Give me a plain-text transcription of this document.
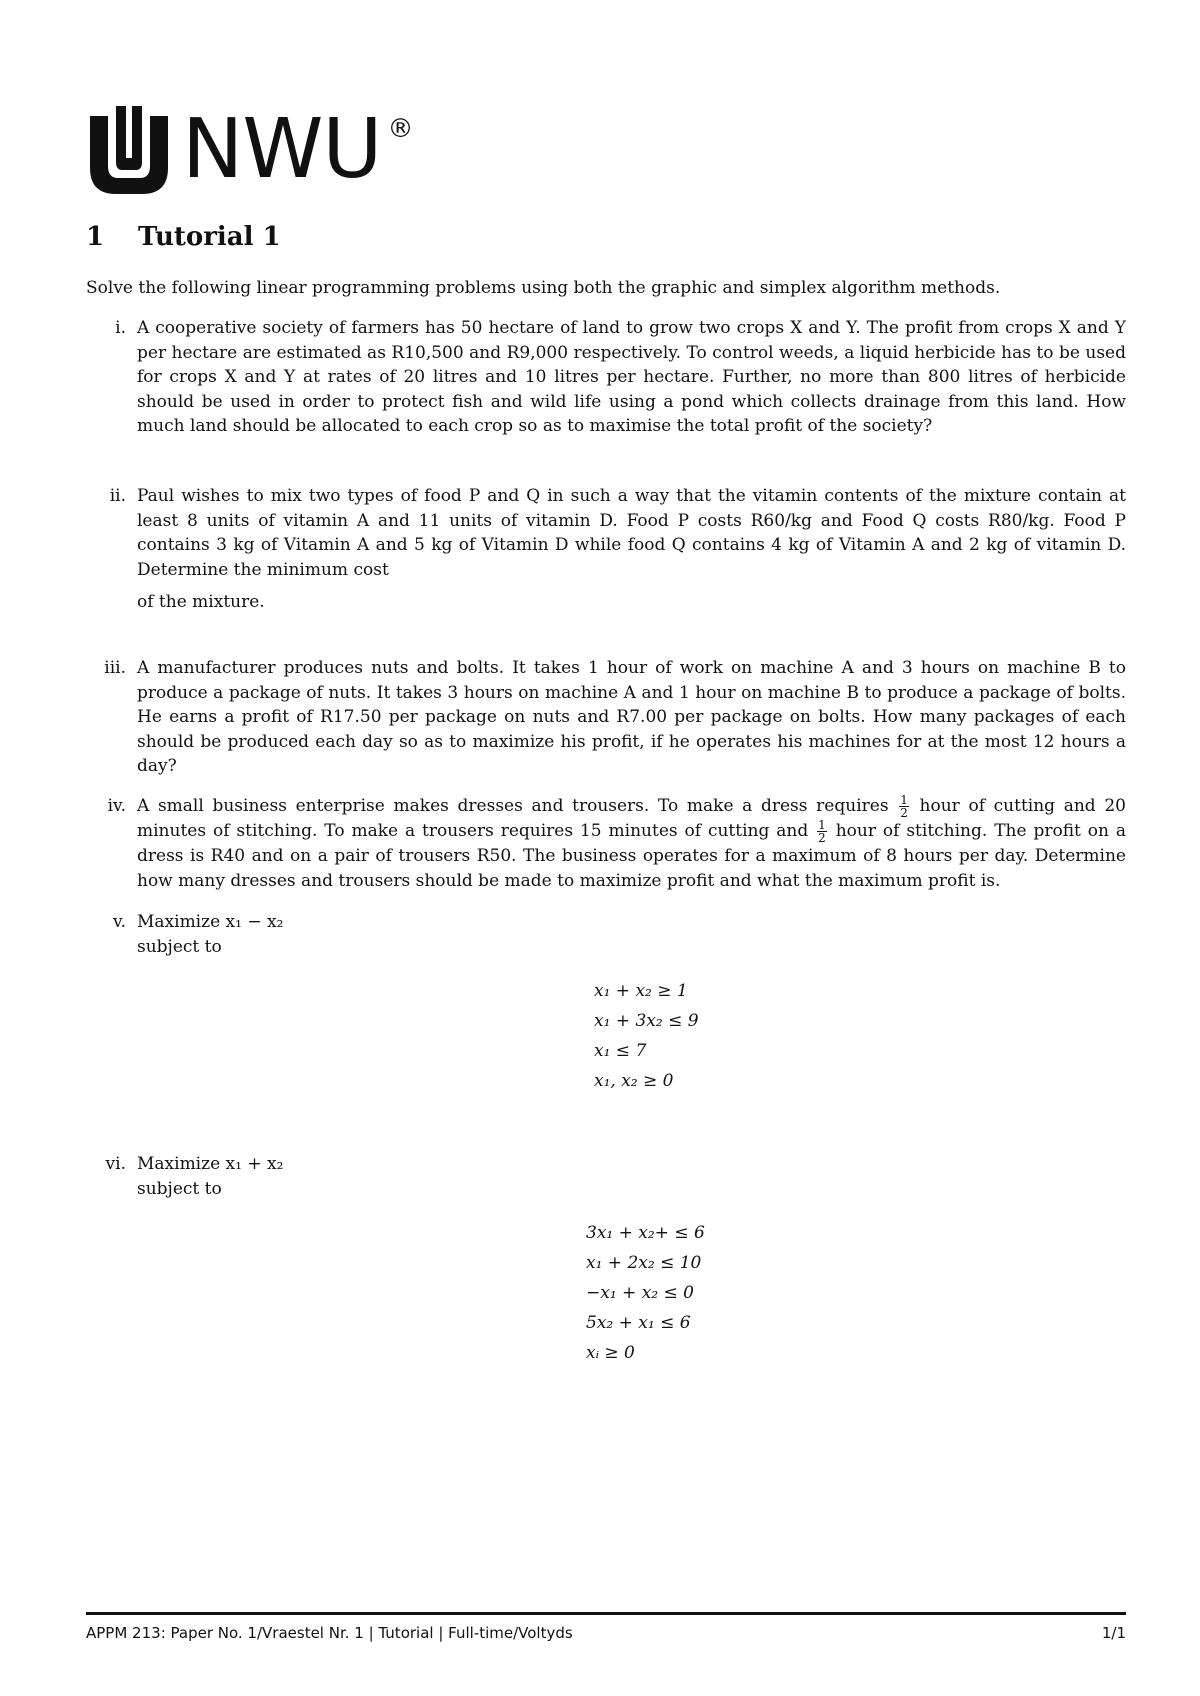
NWU ®
1 Tutorial 1
Solve the following linear programming problems using both the graphic and simplex algorithm methods.
i. A cooperative society of farmers has 50 hectare of land to grow two crops X and Y. The profit from crops X and Y per hectare are estimated as R10,500 and R9,000 respectively. To control weeds, a liquid herbicide has to be used for crops X and Y at rates of 20 litres and 10 litres per hectare. Further, no more than 800 litres of herbicide should be used in order to protect fish and wild life using a pond which collects drainage from this land. How much land should be allocated to each crop so as to maximise the total profit of the society?

ii. Paul wishes to mix two types of food P and Q in such a way that the vitamin contents of the mixture contain at least 8 units of vitamin A and 11 units of vitamin D. Food P costs R60/kg and Food Q costs R80/kg. Food P contains 3 kg of Vitamin A and 5 kg of Vitamin D while food Q contains 4 kg of Vitamin A and 2 kg of vitamin D. Determine the minimum cost

of the mixture.

iii. A manufacturer produces nuts and bolts. It takes 1 hour of work on machine A and 3 hours on machine B to produce a package of nuts. It takes 3 hours on machine A and 1 hour on machine B to produce a package of bolts. He earns a profit of R17.50 per package on nuts and R7.00 per package on bolts. How many packages of each should be produced each day so as to maximize his profit, if he operates his machines for at the most 12 hours a day?

iv. A small business enterprise makes dresses and trousers. To make a dress requires $\frac{1}{2}$ hour of cutting and 20 minutes of stitching. To make a trousers requires 15 minutes of cutting and $\frac{1}{2}$ hour of stitching. The profit on a dress is R40 and on a pair of trousers R50. The business operates for a maximum of 8 hours per day. Determine how many dresses and trousers should be made to maximize profit and what the maximum profit is.

v. Maximize x₁ − x₂

subject to

x₁ + x₂ ≥ 1
x₁ + 3x₂ ≤ 9
x₁ ≤ 7
x₁, x₂ ≥ 0
vi. Maximize x₁ + x₂

subject to

3x₁ + x₂+ ≤ 6
x₁ + 2x₂ ≤ 10
−x₁ + x₂ ≤ 0
5x₂ + x₁ ≤ 6
xᵢ ≥ 0
APPM 213: Paper No. 1/Vraestel Nr. 1 | Tutorial | Full-time/Voltyds	1/1
